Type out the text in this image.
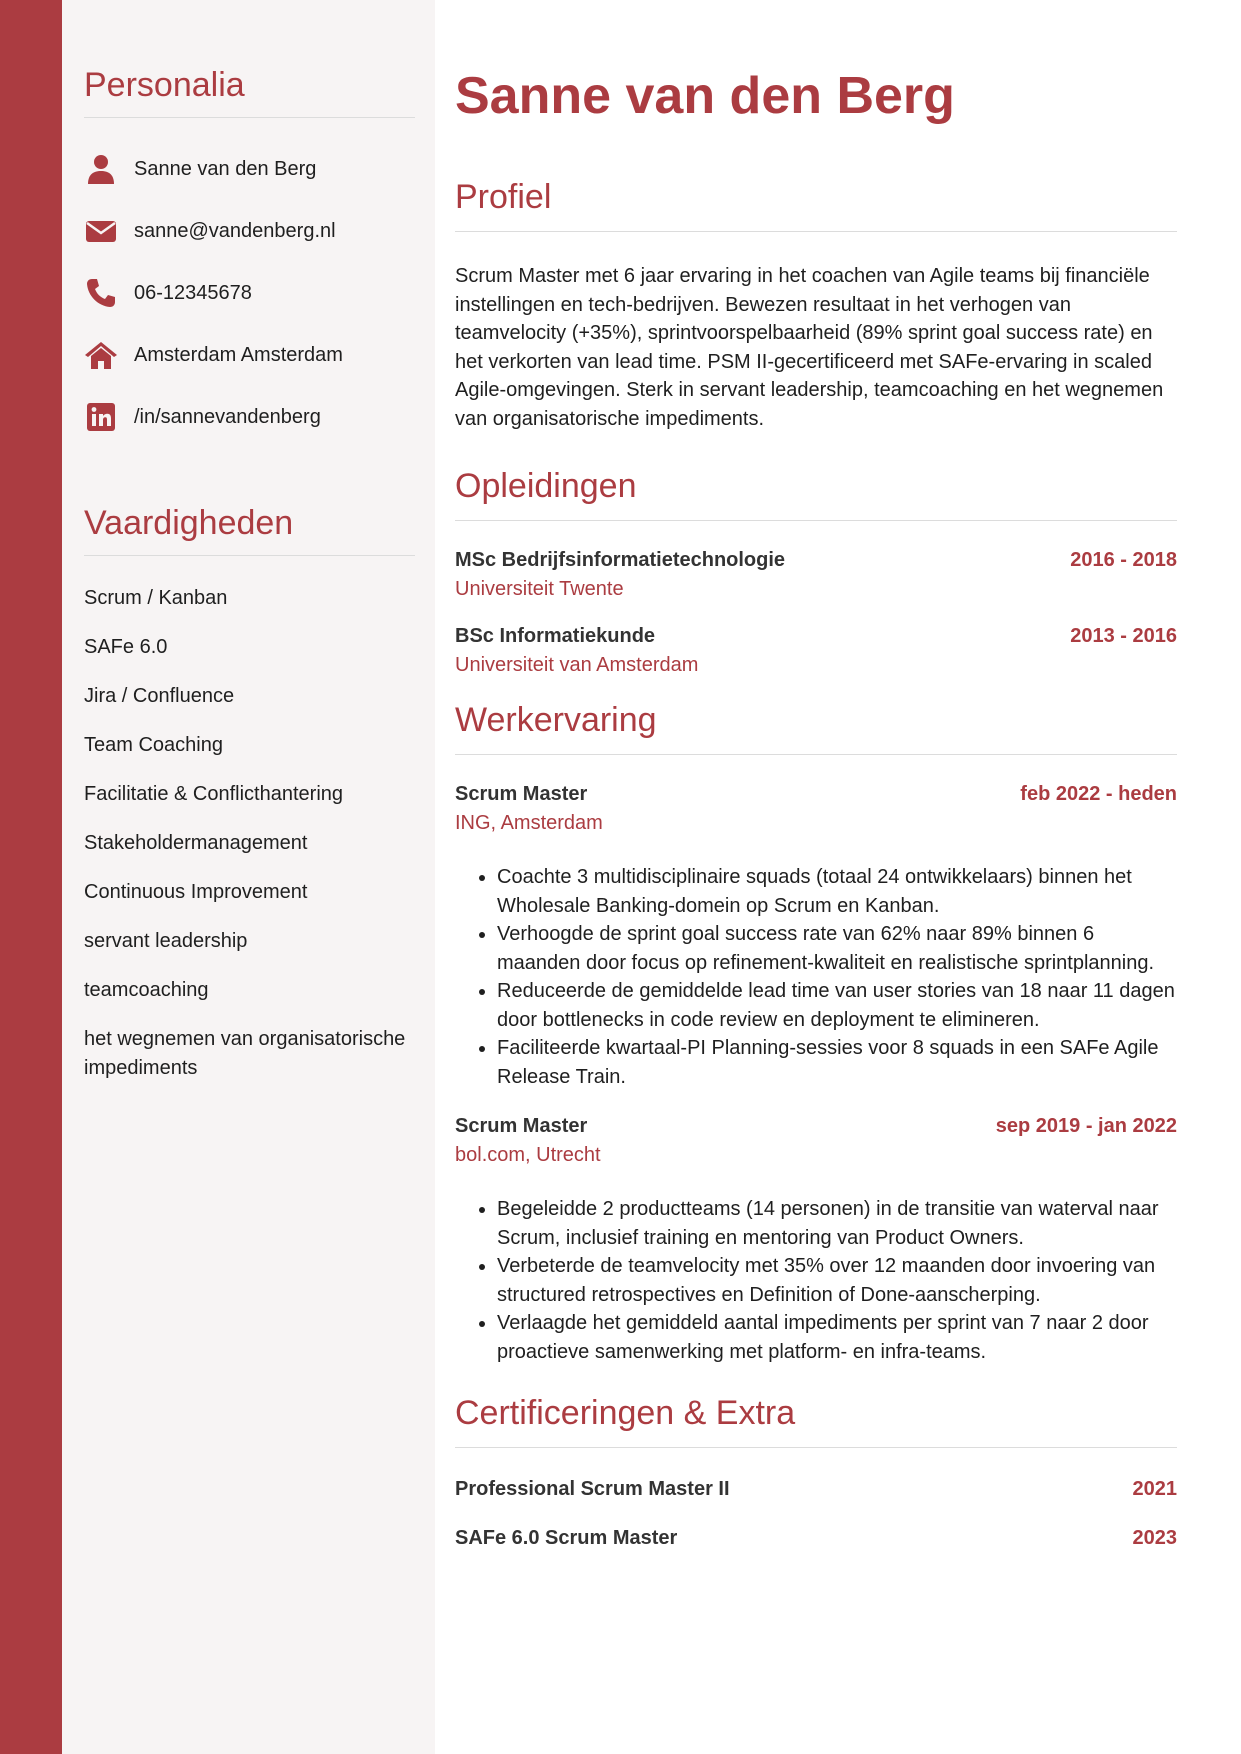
Personalia
Sanne van den Berg
sanne@vandenberg.nl
06-12345678
Amsterdam Amsterdam
/in/sannevandenberg
Vaardigheden
Scrum / Kanban
SAFe 6.0
Jira / Confluence
Team Coaching
Facilitatie & Conflicthantering
Stakeholdermanagement
Continuous Improvement
servant leadership
teamcoaching
het wegnemen van organisatorische impediments
Sanne van den Berg
Profiel

Scrum Master met 6 jaar ervaring in het coachen van Agile teams bij financiële instellingen en tech-bedrijven. Bewezen resultaat in het verhogen van teamvelocity (+35%), sprintvoorspelbaarheid (89% sprint goal success rate) en het verkorten van lead time. PSM II-gecertificeerd met SAFe-ervaring in scaled Agile-omgevingen. Sterk in servant leadership, teamcoaching en het wegnemen van organisatorische impediments.

Opleidingen
MSc Bedrijfsinformatietechnologie	2016 - 2018
Universiteit Twente
BSc Informatiekunde	2013 - 2016
Universiteit van Amsterdam
Werkervaring
Scrum Master	feb 2022 - heden
ING, Amsterdam
• Coachte 3 multidisciplinaire squads (totaal 24 ontwikkelaars) binnen het Wholesale Banking-domein op Scrum en Kanban.
• Verhoogde de sprint goal success rate van 62% naar 89% binnen 6 maanden door focus op refinement-kwaliteit en realistische sprintplanning.
• Reduceerde de gemiddelde lead time van user stories van 18 naar 11 dagen door bottlenecks in code review en deployment te elimineren.
• Faciliteerde kwartaal-PI Planning-sessies voor 8 squads in een SAFe Agile Release Train.
Scrum Master	sep 2019 - jan 2022
bol.com, Utrecht
• Begeleidde 2 productteams (14 personen) in de transitie van waterval naar Scrum, inclusief training en mentoring van Product Owners.
• Verbeterde de teamvelocity met 35% over 12 maanden door invoering van structured retrospectives en Definition of Done-aanscherping.
• Verlaagde het gemiddeld aantal impediments per sprint van 7 naar 2 door proactieve samenwerking met platform- en infra-teams.
Certificeringen & Extra
Professional Scrum Master II	2021
SAFe 6.0 Scrum Master	2023
